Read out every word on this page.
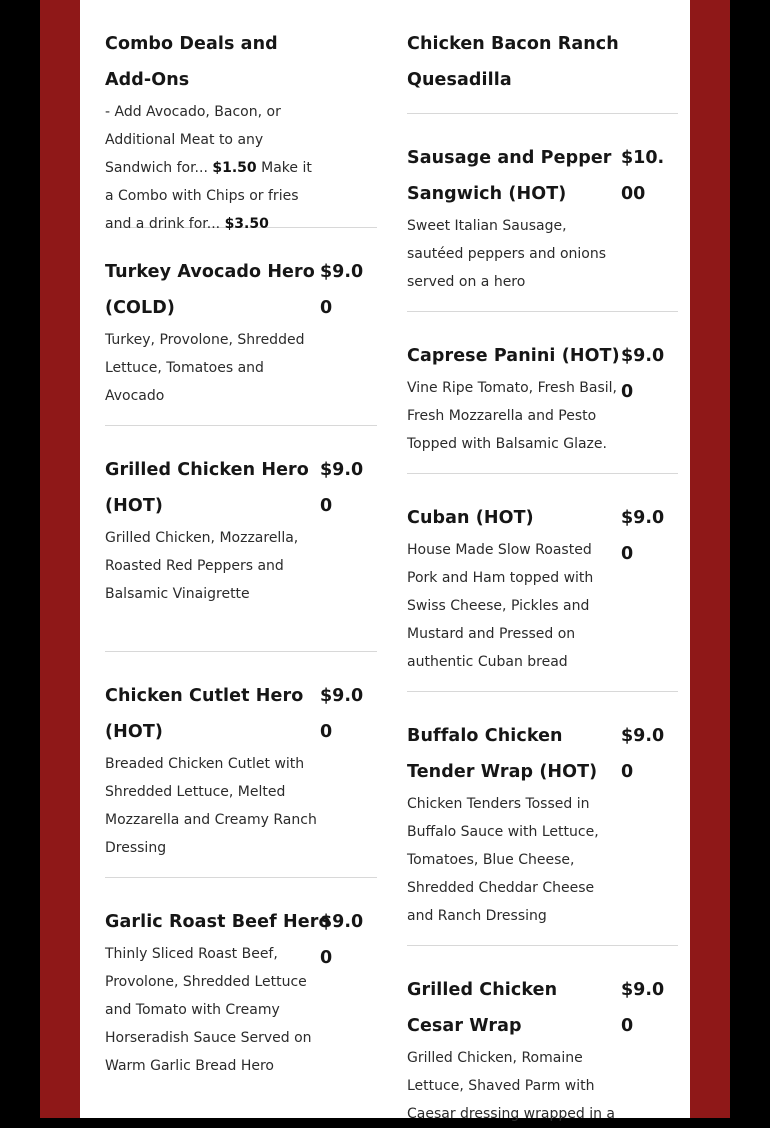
Combo Deals and Add-Ons
- Add Avocado, Bacon, or Additional Meat to any Sandwich for... $1.50 Make it a Combo with Chips or fries and a drink for... $3.50
Turkey Avocado Hero (COLD)
$9.00
Turkey, Provolone, Shredded Lettuce, Tomatoes and Avocado
Grilled Chicken Hero (HOT)
$9.00
Grilled Chicken, Mozzarella, Roasted Red Peppers and Balsamic Vinaigrette
Chicken Cutlet Hero (HOT)
$9.00
Breaded Chicken Cutlet with Shredded Lettuce, Melted Mozzarella and Creamy Ranch Dressing
Garlic Roast Beef Hero
$9.00
Thinly Sliced Roast Beef, Provolone, Shredded Lettuce and Tomato with Creamy Horseradish Sauce Served on Warm Garlic Bread Hero
Chicken Bacon Ranch Quesadilla
Sausage and Pepper Sangwich (HOT)
$10.00
Sweet Italian Sausage, sautéed peppers and onions served on a hero
Caprese Panini (HOT) $9.00
Vine Ripe Tomato, Fresh Basil, Fresh Mozzarella and Pesto Topped with Balsamic Glaze.
Cuban (HOT)	$9.00
House Made Slow Roasted Pork and Ham topped with Swiss Cheese, Pickles and Mustard and Pressed on authentic Cuban bread
Buffalo Chicken Tender Wrap (HOT)
$9.00
Chicken Tenders Tossed in Buffalo Sauce with Lettuce, Tomatoes, Blue Cheese, Shredded Cheddar Cheese and Ranch Dressing
Grilled Chicken Cesar Wrap
$9.00
Grilled Chicken, Romaine Lettuce, Shaved Parm with Caesar dressing wrapped in a
